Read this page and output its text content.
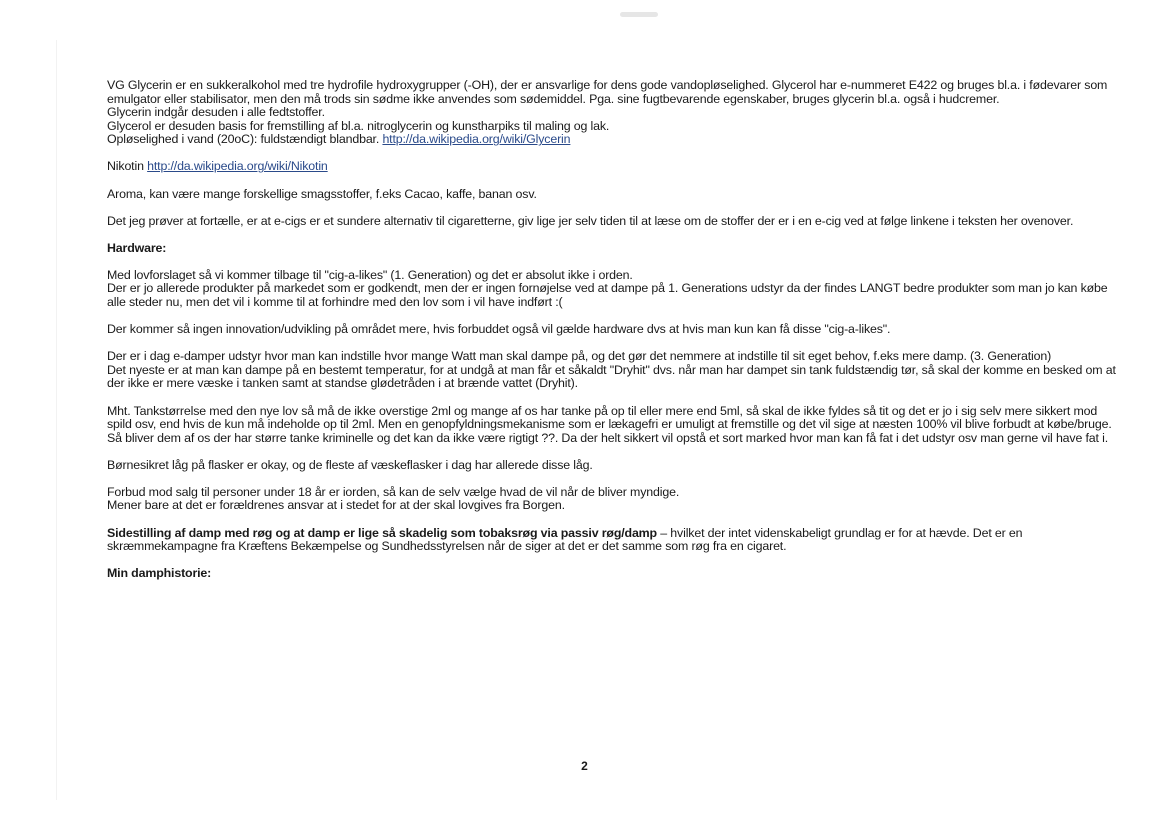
VG Glycerin er en sukkeralkohol med tre hydrofile hydroxygrupper (-OH), der er ansvarlige for dens gode vandopløselighed. Glycerol har e-nummeret E422 og bruges bl.a. i fødevarer som emulgator eller stabilisator, men den må trods sin sødme ikke anvendes som sødemiddel. Pga. sine fugtbevarende egenskaber, bruges glycerin bl.a. også i hudcremer.
Glycerin indgår desuden i alle fedtstoffer.
Glycerol er desuden basis for fremstilling af bl.a. nitroglycerin og kunstharpiks til maling og lak.
Opløselighed i vand (20oC): fuldstændigt blandbar. http://da.wikipedia.org/wiki/Glycerin
Nikotin http://da.wikipedia.org/wiki/Nikotin
Aroma, kan være mange forskellige smagsstoffer, f.eks Cacao, kaffe, banan osv.
Det jeg prøver at fortælle, er at e-cigs er et sundere alternativ til cigaretterne, giv lige jer selv tiden til at læse om de stoffer der er i en e-cig ved at følge linkene i teksten her ovenover.
Hardware:
Med lovforslaget så vi kommer tilbage til "cig-a-likes" (1. Generation) og det er absolut ikke i orden.
Der er jo allerede produkter på markedet som er godkendt, men der er ingen fornøjelse ved at dampe på 1. Generations udstyr da der findes LANGT bedre produkter som man jo kan købe alle steder nu, men det vil i komme til at forhindre med den lov som i vil have indført :(
Der kommer så ingen innovation/udvikling på området mere, hvis forbuddet også vil gælde hardware dvs at hvis man kun kan få disse "cig-a-likes".
Der er i dag e-damper udstyr hvor man kan indstille hvor mange Watt man skal dampe på, og det gør det nemmere at indstille til sit eget behov, f.eks mere damp. (3. Generation)
Det nyeste er at man kan dampe på en bestemt temperatur, for at undgå at man får et såkaldt "Dryhit" dvs. når man har dampet sin tank fuldstændig tør, så skal der komme en besked om at der ikke er mere væske i tanken samt at standse glødetråden i at brænde vattet (Dryhit).
Mht. Tankstørrelse med den nye lov så må de ikke overstige 2ml og mange af os har tanke på op til eller mere end 5ml, så skal de ikke fyldes så tit og det er jo i sig selv mere sikkert mod spild osv, end hvis de kun må indeholde op til 2ml. Men en genopfyldningsmekanisme som er lækagefri er umuligt at fremstille og det vil sige at næsten 100% vil blive forbudt at købe/bruge. Så bliver dem af os der har større tanke kriminelle og det kan da ikke være rigtigt ??. Da der helt sikkert vil opstå et sort marked hvor man kan få fat i det udstyr osv man gerne vil have fat i.
Børnesikret låg på flasker er okay, og de fleste af væskeflasker i dag har allerede disse låg.
Forbud mod salg til personer under 18 år er iorden, så kan de selv vælge hvad de vil når de bliver myndige.
Mener bare at det er forældrenes ansvar at i stedet for at der skal lovgives fra Borgen.
Sidestilling af damp med røg og at damp er lige så skadelig som tobaksrøg via passiv røg/damp – hvilket der intet videnskabeligt grundlag er for at hævde. Det er en skræmmekampagne fra Kræftens Bekæmpelse og Sundhedsstyrelsen når de siger at det er det samme som røg fra en cigaret.
Min damphistorie:
2
